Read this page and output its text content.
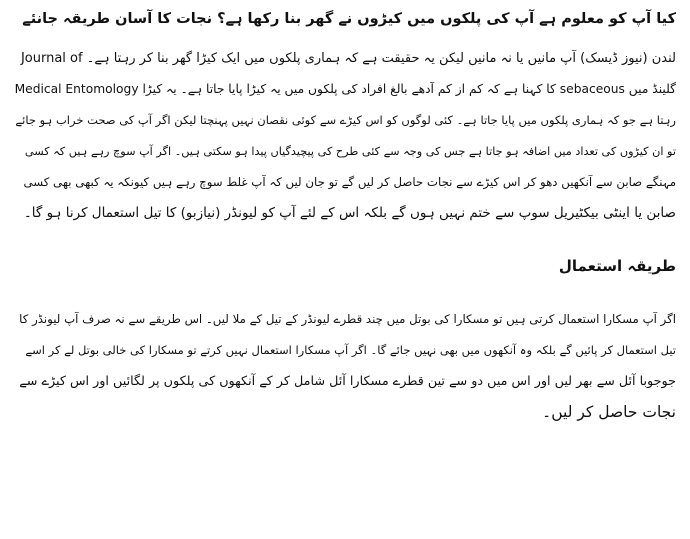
کیا آپ کو معلوم ہے آپ کی پلکوں میں کیڑوں نے گھر بنا رکھا ہے؟ نجات کا آسان طریقہ جانئے
لندن (نیوز ڈیسک) آپ مانیں یا نہ مانیں لیکن یہ حقیقت ہے کہ ہماری پلکوں میں ایک کیڑا گھر بنا کر رہتا ہے۔ Journal of
Medical Entomology کا کہنا ہے کہ کم از کم آدھے بالغ افراد کی پلکوں میں یہ کیڑا پایا جاتا ہے۔ یہ کیڑا sebaceous گلینڈ میں
رہتا ہے جو کہ ہماری پلکوں میں پایا جاتا ہے۔ کئی لوگوں کو اس کیڑے سے کوئی نقصان نہیں پہنچتا لیکن اگر آپ کی صحت خراب ہو جائے
تو ان کیڑوں کی تعداد میں اضافہ ہو جاتا ہے جس کی وجہ سے کئی طرح کی پیچیدگیاں پیدا ہو سکتی ہیں۔ اگر آپ سوچ رہے ہیں کہ کسی
مہنگے صابن سے آنکھیں دھو کر اس کیڑے سے نجات حاصل کر لیں گے تو جان لیں کہ آپ غلط سوچ رہے ہیں کیونکہ یہ کبھی بھی کسی
صابن یا اینٹی بیکٹیریل سوپ سے ختم نہیں ہوں گے بلکہ اس کے لئے آپ کو لیونڈر (نیازبو) کا تیل استعمال کرنا ہو گا۔
طریقہ استعمال
اگر آپ مسکارا استعمال کرتی ہیں تو مسکارا کی بوتل میں چند قطرے لیونڈر کے تیل کے ملا لیں۔ اس طریقے سے نہ صرف آپ لیونڈر کا
تیل استعمال کر پائیں گے بلکہ وہ آنکھوں میں بھی نہیں جائے گا۔ اگر آپ مسکارا استعمال نہیں کرتے تو مسکارا کی خالی بوتل لے کر اسے
جوجوبا آئل سے بھر لیں اور اس میں دو سے تین قطرے مسکارا آئل شامل کر کے آنکھوں کی پلکوں پر لگائیں اور اس کیڑے سے
نجات حاصل کر لیں۔
